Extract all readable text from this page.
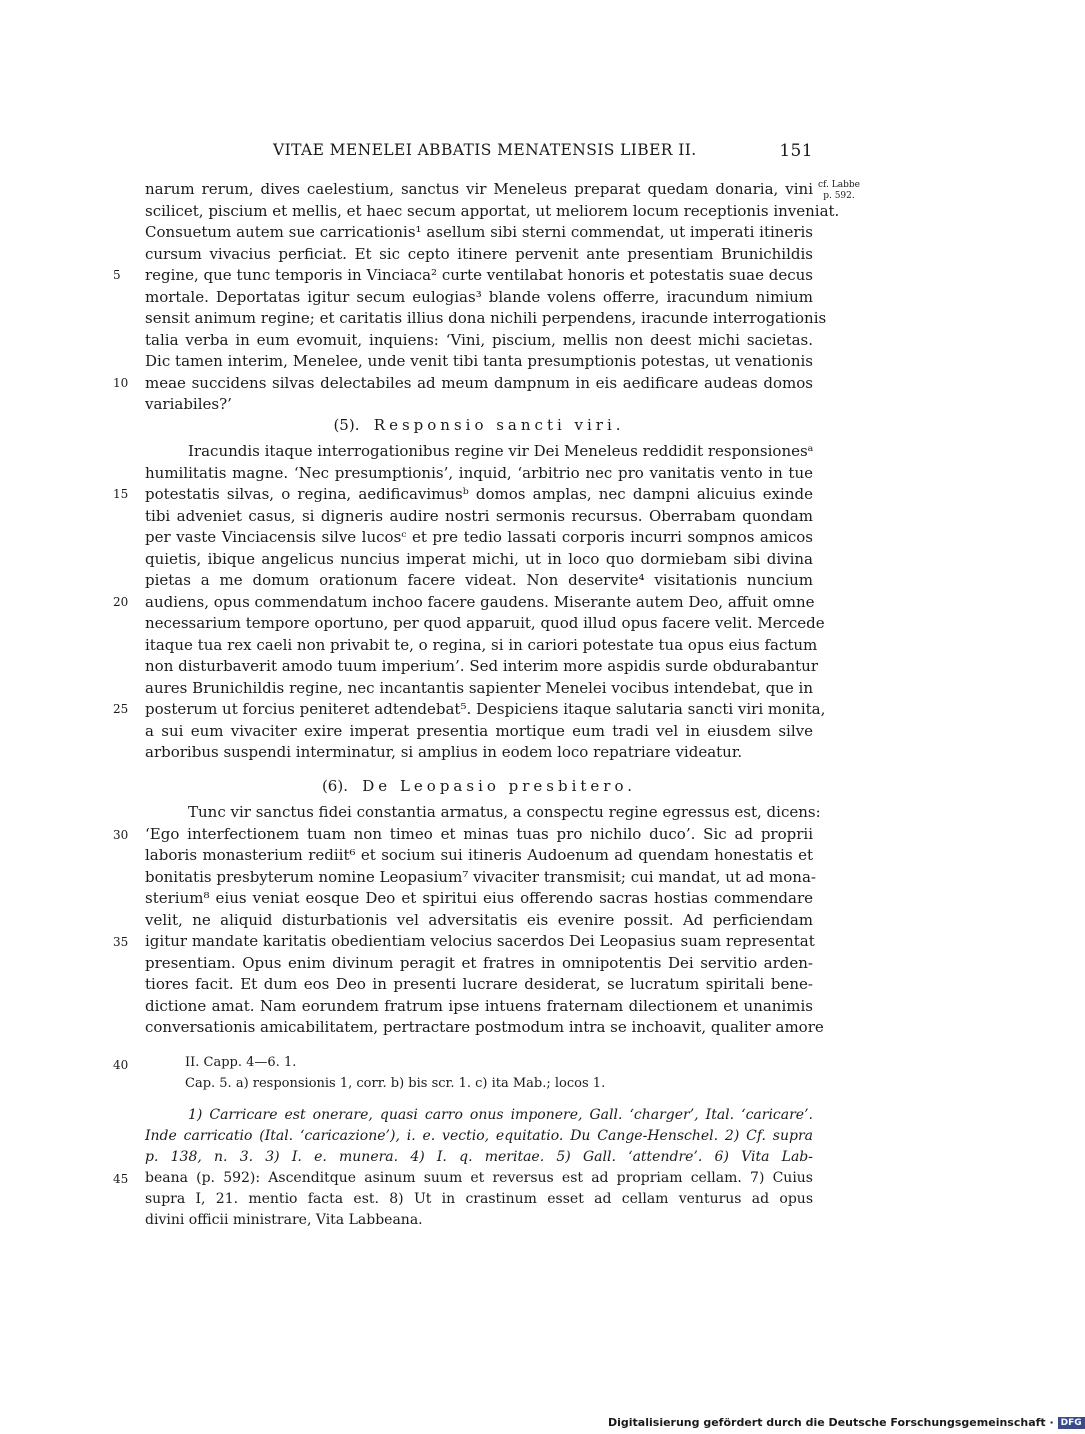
VITAE MENELEI ABBATIS MENATENSIS LIBER II.	151
cf. Labbe
p. 592.
5
10
15
20
25
30
35
40
45
narum rerum, dives caelestium, sanctus vir Meneleus preparat quedam donaria, vini
scilicet, piscium et mellis, et haec secum apportat, ut meliorem locum receptionis inveniat.
Consuetum autem sue carricationis¹ asellum sibi sterni commendat, ut imperati itineris
cursum vivacius perficiat. Et sic cepto itinere pervenit ante presentiam Brunichildis
regine, que tunc temporis in Vinciaca² curte ventilabat honoris et potestatis suae decus
mortale. Deportatas igitur secum eulogias³ blande volens offerre, iracundum nimium
sensit animum regine; et caritatis illius dona nichili perpendens, iracunde interrogationis
talia verba in eum evomuit, inquiens: ‘Vini, piscium, mellis non deest michi sacietas.
Dic tamen interim, Menelee, unde venit tibi tanta presumptionis potestas, ut venationis
meae succidens silvas delectabiles ad meum dampnum in eis aedificare audeas domos
variabiles?’
(5). Responsio sancti viri.
Iracundis itaque interrogationibus regine vir Dei Meneleus reddidit responsionesᵃ
humilitatis magne. ‘Nec presumptionis’, inquid, ‘arbitrio nec pro vanitatis vento in tue
potestatis silvas, o regina, aedificavimusᵇ domos amplas, nec dampni alicuius exinde
tibi adveniet casus, si digneris audire nostri sermonis recursus. Oberrabam quondam
per vaste Vinciacensis silve lucosᶜ et pre tedio lassati corporis incurri sompnos amicos
quietis, ibique angelicus nuncius imperat michi, ut in loco quo dormiebam sibi divina
pietas a me domum orationum facere videat. Non deservite⁴ visitationis nuncium
audiens, opus commendatum inchoo facere gaudens. Miserante autem Deo, affuit omne
necessarium tempore oportuno, per quod apparuit, quod illud opus facere velit. Mercede
itaque tua rex caeli non privabit te, o regina, si in cariori potestate tua opus eius factum
non disturbaverit amodo tuum imperium’. Sed interim more aspidis surde obdurabantur
aures Brunichildis regine, nec incantantis sapienter Menelei vocibus intendebat, que in
posterum ut forcius peniteret adtendebat⁵. Despiciens itaque salutaria sancti viri monita,
a sui eum vivaciter exire imperat presentia mortique eum tradi vel in eiusdem silve
arboribus suspendi interminatur, si amplius in eodem loco repatriare videatur.
(6). De Leopasio presbitero.
Tunc vir sanctus fidei constantia armatus, a conspectu regine egressus est, dicens:
‘Ego interfectionem tuam non timeo et minas tuas pro nichilo duco’. Sic ad proprii
laboris monasterium rediit⁶ et socium sui itineris Audoenum ad quendam honestatis et
bonitatis presbyterum nomine Leopasium⁷ vivaciter transmisit; cui mandat, ut ad mona-
sterium⁸ eius veniat eosque Deo et spiritui eius offerendo sacras hostias commendare
velit, ne aliquid disturbationis vel adversitatis eis evenire possit. Ad perficiendam
igitur mandate karitatis obedientiam velocius sacerdos Dei Leopasius suam representat
presentiam. Opus enim divinum peragit et fratres in omnipotentis Dei servitio arden-
tiores facit. Et dum eos Deo in presenti lucrare desiderat, se lucratum spiritali bene-
dictione amat. Nam eorundem fratrum ipse intuens fraternam dilectionem et unanimis
conversationis amicabilitatem, pertractare postmodum intra se inchoavit, qualiter amore
II. Capp. 4—6. 1.
Cap. 5. a) responsionis 1, corr. b) bis scr. 1. c) ita Mab.; locos 1.
1) Carricare est onerare, quasi carro onus imponere, Gall. ‘charger’, Ital. ‘caricare’.
Inde carricatio (Ital. ‘caricazione’), i. e. vectio, equitatio. Du Cange-Henschel. 2) Cf. supra
p. 138, n. 3. 3) I. e. munera. 4) I. q. meritae. 5) Gall. ‘attendre’. 6) Vita Lab-
beana (p. 592): Ascenditque asinum suum et reversus est ad propriam cellam. 7) Cuius
supra I, 21. mentio facta est. 8) Ut in crastinum esset ad cellam venturus ad opus
divini officii ministrare, Vita Labbeana.
Digitalisierung gefördert durch die Deutsche Forschungsgemeinschaft · DFG
